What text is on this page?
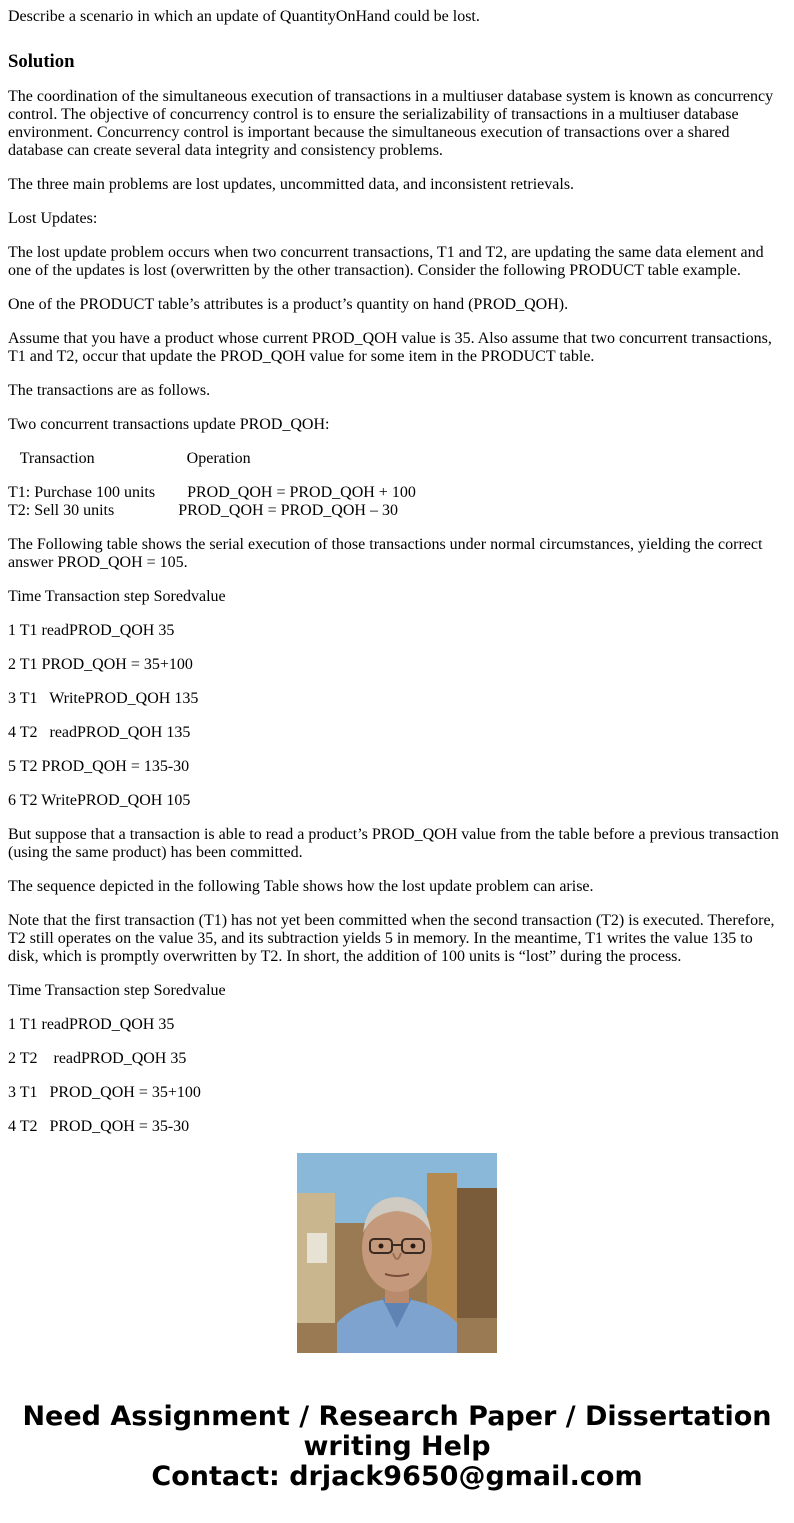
Describe a scenario in which an update of QuantityOnHand could be lost.
Solution

The coordination of the simultaneous execution of transactions in a multiuser database system is known as concurrency control. The objective of concurrency control is to ensure the serializability of transactions in a multiuser database environment. Concurrency control is important because the simultaneous execution of transactions over a shared database can create several data integrity and consistency problems.

The three main problems are lost updates, uncommitted data, and inconsistent retrievals.

Lost Updates:

The lost update problem occurs when two concurrent transactions, T1 and T2, are updating the same data element and one of the updates is lost (overwritten by the other transaction). Consider the following PRODUCT table example.

One of the PRODUCT table’s attributes is a product’s quantity on hand (PROD_QOH).

Assume that you have a product whose current PROD_QOH value is 35. Also assume that two concurrent transactions, T1 and T2, occur that update the PROD_QOH value for some item in the PRODUCT table.

The transactions are as follows.

Two concurrent transactions update PROD_QOH:

Transaction                       Operation

T1: Purchase 100 units        PROD_QOH = PROD_QOH + 100
T2: Sell 30 units                PROD_QOH = PROD_QOH – 30

The Following table shows the serial execution of those transactions under normal circumstances, yielding the correct answer PROD_QOH = 105.

Time Transaction step Soredvalue

1 T1 readPROD_QOH 35

2 T1 PROD_QOH = 35+100

3 T1   WritePROD_QOH 135

4 T2   readPROD_QOH 135

5 T2 PROD_QOH = 135-30

6 T2 WritePROD_QOH 105

But suppose that a transaction is able to read a product’s PROD_QOH value from the table before a previous transaction (using the same product) has been committed.

The sequence depicted in the following Table shows how the lost update problem can arise.

Note that the first transaction (T1) has not yet been committed when the second transaction (T2) is executed. Therefore, T2 still operates on the value 35, and its subtraction yields 5 in memory. In the meantime, T1 writes the value 135 to disk, which is promptly overwritten by T2. In short, the addition of 100 units is “lost” during the process.

Time Transaction step Soredvalue

1 T1 readPROD_QOH 35

2 T2    readPROD_QOH 35

3 T1   PROD_QOH = 35+100

4 T2   PROD_QOH = 35-30

Need Assignment / Research Paper / Dissertation
writing Help
Contact: drjack9650@gmail.com
